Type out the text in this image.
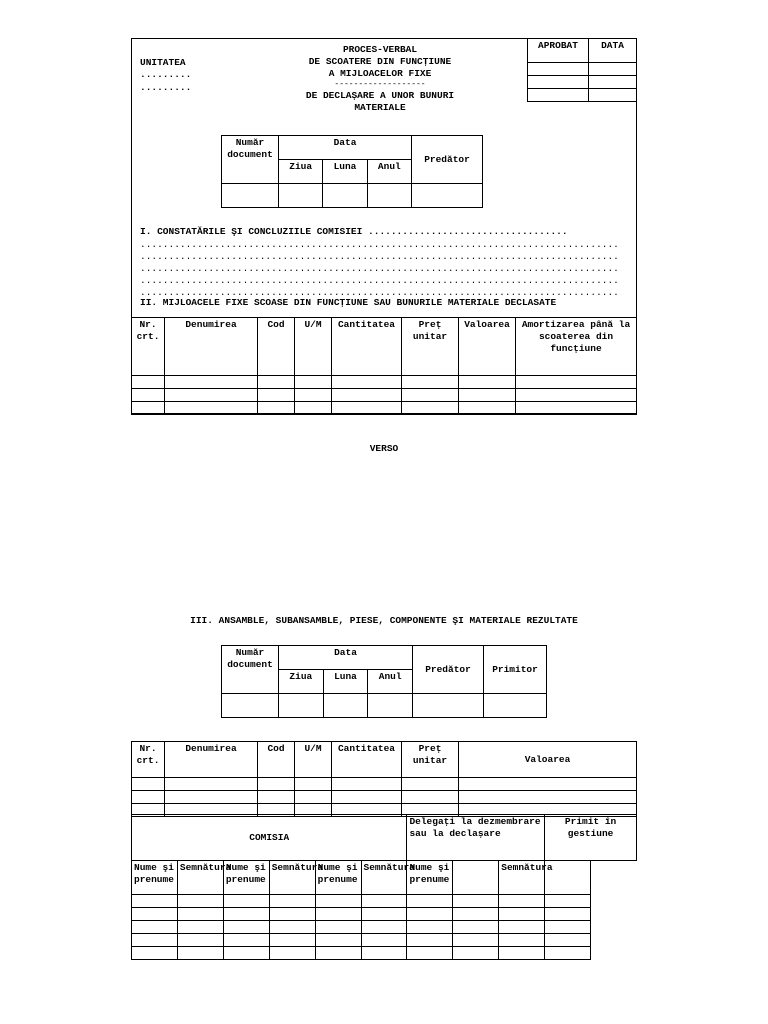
UNITATEA
.........
.........
PROCES-VERBAL
DE SCOATERE DIN FUNCȚIUNE
A MIJLOACELOR FIXE
-------------------
DE DECLAȘARE A UNOR BUNURI
MATERIALE
APROBAT	DATA

Număr document	Data			Predător
	Ziua	Luna	Anul	

I. CONSTATĂRILE ŞI CONCLUZIILE COMISIEI ...................................
....................................................................................
....................................................................................
....................................................................................
....................................................................................
....................................................................................
II. MIJLOACELE FIXE SCOASE DIN FUNCȚIUNE SAU BUNURILE MATERIALE DECLASATE
Nr. crt.	Denumirea	Cod	U/M	Cantitatea	Preț unitar	Valoarea	Amortizarea până la scoaterea din funcțiune

VERSO
III. ANSAMBLE, SUBANSAMBLE, PIESE, COMPONENTE ŞI MATERIALE REZULTATE
Număr document	Data			Predător	Primitor
	Ziua	Luna	Anul		

Nr. crt.	Denumirea	Cod	U/M	Cantitatea	Preț unitar	Valoarea

COMISIA						Delegați la dezmembrare sau la declașare			Primit în gestiune
Nume şi prenume	Semnătura	Nume şi prenume	Semnătura	Nume şi prenume	Semnătura	Nume şi prenume		Semnătura	
